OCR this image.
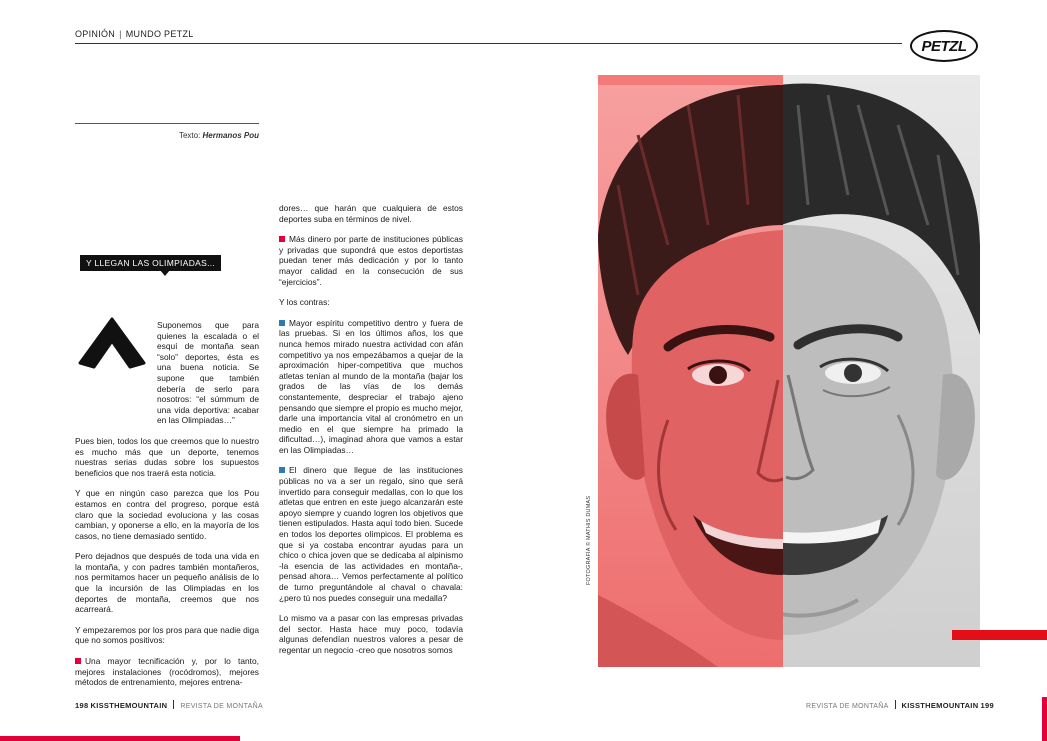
OPINIÓN | MUNDO PETZL
PETZL
Texto: Hermanos Pou
Y LLEGAN LAS OLIMPIADAS...

Suponemos que para quienes la escalada o el esquí de montaña sean “solo” deportes, ésta es una buena noticia. Se supone que también debería de serlo para nosotros: “el súmmum de una vida deportiva: acabar en las Olimpiadas…”

Pues bien, todos los que creemos que lo nuestro es mucho más que un deporte, tenemos nuestras serias dudas sobre los supuestos beneficios que nos traerá esta noticia.

Y que en ningún caso parezca que los Pou estamos en contra del progreso, porque está claro que la sociedad evoluciona y las cosas cambian, y oponerse a ello, en la mayoría de los casos, no tiene demasiado sentido.

Pero dejadnos que después de toda una vida en la montaña, y con padres también montañeros, nos permitamos hacer un pequeño análisis de lo que la incursión de las Olimpiadas en los deportes de montaña, creemos que nos acarreará.

Y empezaremos por los pros para que nadie diga que no somos positivos:

Una mayor tecnificación y, por lo tanto, mejores instalaciones (rocódromos), mejores métodos de entrenamiento, mejores entrena-

dores… que harán que cualquiera de estos deportes suba en términos de nivel.

Más dinero por parte de instituciones públicas y privadas que supondrá que estos deportistas puedan tener más dedicación y por lo tanto mayor calidad en la consecución de sus “ejercicios”.

Y los contras:

Mayor espíritu competitivo dentro y fuera de las pruebas. Si en los últimos años, los que nunca hemos mirado nuestra actividad con afán competitivo ya nos empezábamos a quejar de la aproximación hiper-competitiva que muchos atletas tenían al mundo de la montaña (bajar los grados de las vías de los demás constantemente, despreciar el trabajo ajeno pensando que siempre el propio es mucho mejor, darle una importancia vital al cronómetro en un medio en el que siempre ha primado la dificultad…), imaginad ahora que vamos a estar en las Olimpiadas…

El dinero que llegue de las instituciones públicas no va a ser un regalo, sino que será invertido para conseguir medallas, con lo que los atletas que entren en este juego alcanzarán este apoyo siempre y cuando logren los objetivos que tienen estipulados. Hasta aquí todo bien. Sucede en todos los deportes olímpicos. El problema es que si ya costaba encontrar ayudas para un chico o chica joven que se dedicaba al alpinismo -la esencia de las actividades en montaña-, pensad ahora… Vemos perfectamente al político de turno preguntándole al chaval o chavala: ¿pero tú nos puedes conseguir una medalla?

Lo mismo va a pasar con las empresas privadas del sector. Hasta hace muy poco, todavía algunas defendían nuestros valores a pesar de regentar un negocio -creo que nosotros somos

FOTOGRAFÍA © MATHIS DUMAS
198 KISSTHEMOUNTAIN REVISTA DE MONTAÑA	REVISTA DE MONTAÑA KISSTHEMOUNTAIN 199
